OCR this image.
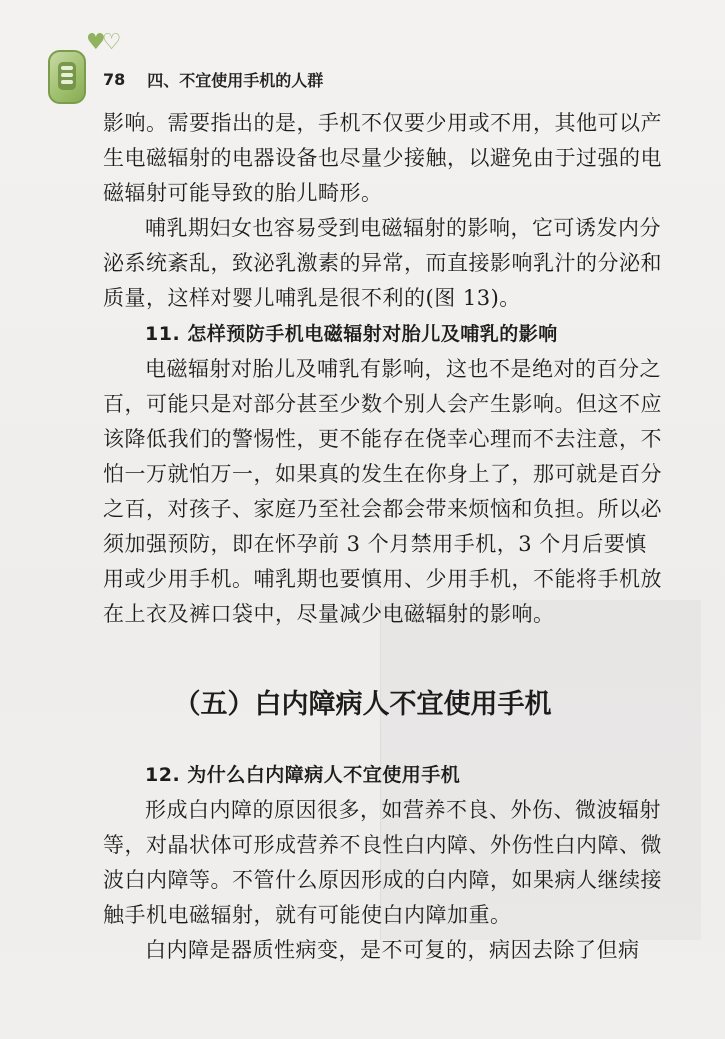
♥♡
78 四、不宜使用手机的人群

影响。需要指出的是，手机不仅要少用或不用，其他可以产生电磁辐射的电器设备也尽量少接触，以避免由于过强的电磁辐射可能导致的胎儿畸形。

哺乳期妇女也容易受到电磁辐射的影响，它可诱发内分泌系统紊乱，致泌乳激素的异常，而直接影响乳汁的分泌和质量，这样对婴儿哺乳是很不利的(图 13)。

11. 怎样预防手机电磁辐射对胎儿及哺乳的影响

电磁辐射对胎儿及哺乳有影响，这也不是绝对的百分之百，可能只是对部分甚至少数个别人会产生影响。但这不应该降低我们的警惕性，更不能存在侥幸心理而不去注意，不怕一万就怕万一，如果真的发生在你身上了，那可就是百分之百，对孩子、家庭乃至社会都会带来烦恼和负担。所以必须加强预防，即在怀孕前 3 个月禁用手机，3 个月后要慎用或少用手机。哺乳期也要慎用、少用手机，不能将手机放在上衣及裤口袋中，尽量减少电磁辐射的影响。

（五）白内障病人不宜使用手机

12. 为什么白内障病人不宜使用手机

形成白内障的原因很多，如营养不良、外伤、微波辐射等，对晶状体可形成营养不良性白内障、外伤性白内障、微波白内障等。不管什么原因形成的白内障，如果病人继续接触手机电磁辐射，就有可能使白内障加重。

白内障是器质性病变，是不可复的，病因去除了但病
